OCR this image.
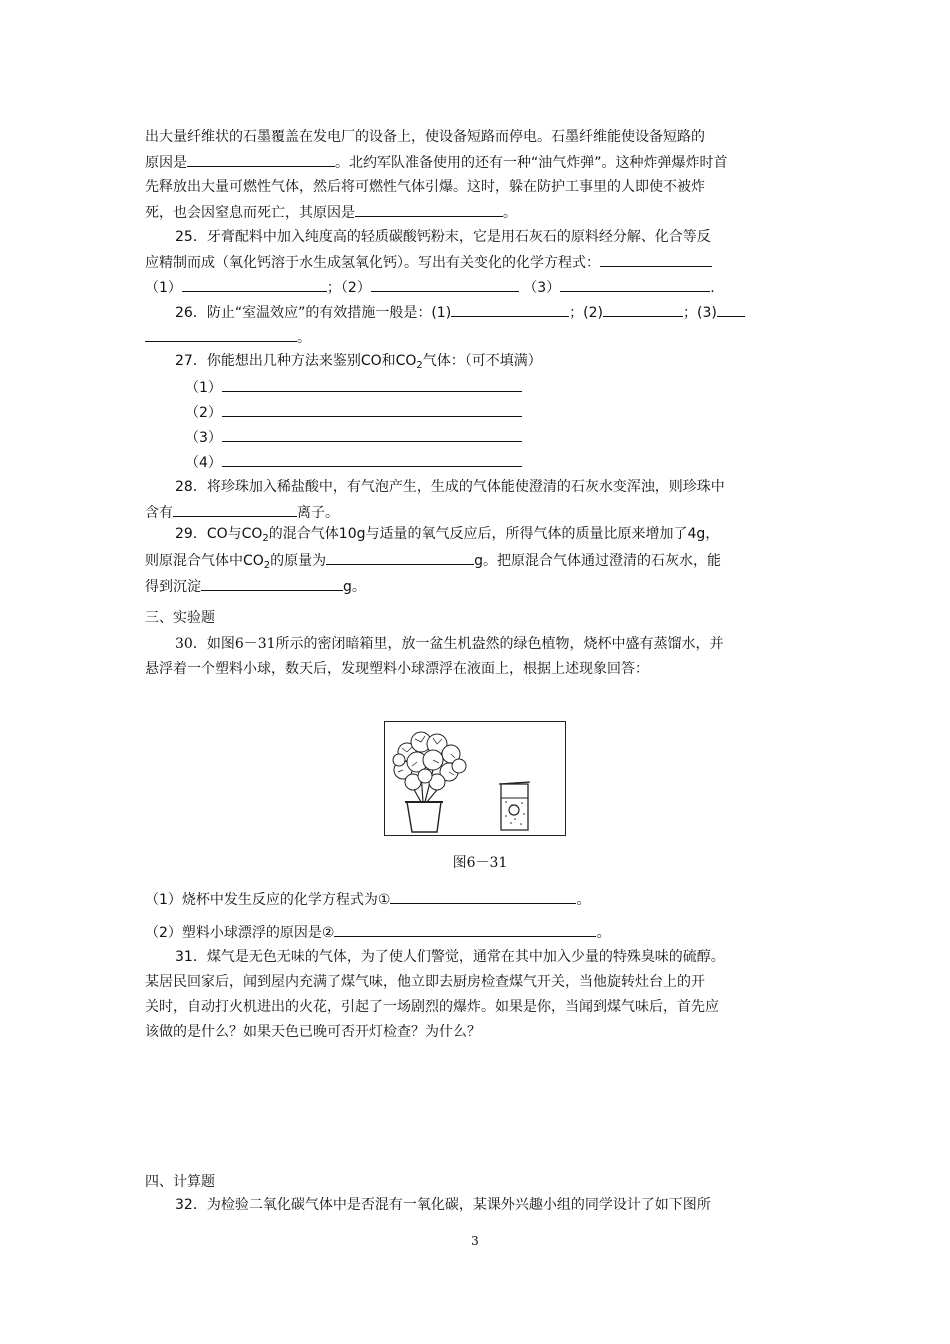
出大量纤维状的石墨覆盖在发电厂的设备上，使设备短路而停电。石墨纤维能使设备短路的
原因是	。北约军队准备使用的还有一种“油气炸弹”。这种炸弹爆炸时首
先释放出大量可燃性气体，然后将可燃性气体引爆。这时，躲在防护工事里的人即使不被炸
死，也会因窒息而死亡，其原因是	。
25．牙膏配料中加入纯度高的轻质碳酸钙粉末，它是用石灰石的原料经分解、化合等反
应精制而成（氧化钙溶于水生成氢氧化钙）。写出有关变化的化学方程式：
（1）	；（2）	（3）	.
26．防止“室温效应”的有效措施一般是：(1)	；(2)	；(3)
。
27．你能想出几种方法来鉴别CO和$CO_2$气体：（可不填满）
（1）
（2）
（3）
（4）
28．将珍珠加入稀盐酸中，有气泡产生，生成的气体能使澄清的石灰水变浑浊，则珍珠中
含有	离子。
29．CO与$CO_2$的混合气体10g与适量的氧气反应后，所得气体的质量比原来增加了4g，
则原混合气体中$CO_2$的原量为	g。把原混合气体通过澄清的石灰水，能
得到沉淀	g。
三、实验题
30．如图6－31所示的密闭暗箱里，放一盆生机盎然的绿色植物，烧杯中盛有蒸馏水，并
悬浮着一个塑料小球，数天后，发现塑料小球漂浮在液面上，根据上述现象回答：
图6－31
（1）烧杯中发生反应的化学方程式为①	。
（2）塑料小球漂浮的原因是②	。
31．煤气是无色无味的气体，为了使人们警觉，通常在其中加入少量的特殊臭味的硫醇。
某居民回家后，闻到屋内充满了煤气味，他立即去厨房检查煤气开关，当他旋转灶台上的开
关时，自动打火机进出的火花，引起了一场剧烈的爆炸。如果是你，当闻到煤气味后，首先应
该做的是什么？如果天色已晚可否开灯检查？为什么？
四、计算题
32．为检验二氧化碳气体中是否混有一氧化碳，某课外兴趣小组的同学设计了如下图所
3
